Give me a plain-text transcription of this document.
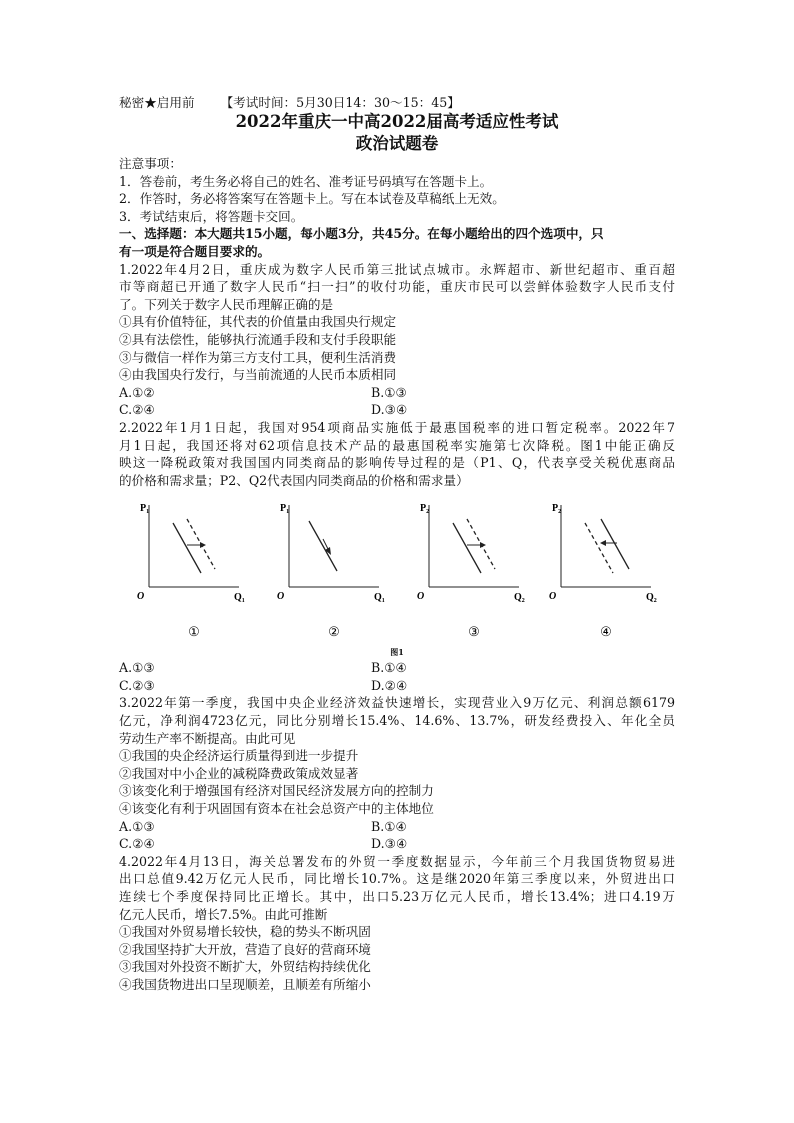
秘密★启用前 【考试时间：5月30日14：30～15：45】
2022年重庆一中高2022届高考适应性考试
政治试题卷
注意事项：
1．答卷前，考生务必将自己的姓名、准考证号码填写在答题卡上。
2．作答时，务必将答案写在答题卡上。写在本试卷及草稿纸上无效。
3．考试结束后，将答题卡交回。
一、选择题：本大题共15小题，每小题3分，共45分。在每小题给出的四个选项中，只
有一项是符合题目要求的。
1.2022年4月2日，重庆成为数字人民币第三批试点城市。永辉超市、新世纪超市、重百超
市等商超已开通了数字人民币“扫一扫”的收付功能，重庆市民可以尝鲜体验数字人民币支付
了。下列关于数字人民币理解正确的是
①具有价值特征，其代表的价值量由我国央行规定
②具有法偿性，能够执行流通手段和支付手段职能
③与微信一样作为第三方支付工具，便利生活消费
④由我国央行发行，与当前流通的人民币本质相同
A.①②	B.①③
C.②④	D.③④
2.2022年1月1日起，我国对954项商品实施低于最惠国税率的进口暂定税率。2022年7
月1日起，我国还将对62项信息技术产品的最惠国税率实施第七次降税。图1中能正确反
映这一降税政策对我国国内同类商品的影响传导过程的是（P1、Q，代表享受关税优惠商品
的价格和需求量；P2、Q2代表国内同类商品的价格和需求量）
$P_1$
$Q_1$
O
①
$P_1$
$Q_1$
O
②
$P_2$
$Q_2$
O
③
$P_2$
$Q_2$
O
④
图1
A.①③	B.①④
C.②③	D.②④
3.2022年第一季度，我国中央企业经济效益快速增长，实现营业入9万亿元、利润总额6179
亿元，净利润4723亿元，同比分别增长15.4%、14.6%、13.7%，研发经费投入、年化全员
劳动生产率不断提高。由此可见
①我国的央企经济运行质量得到进一步提升
②我国对中小企业的减税降费政策成效显著
③该变化利于增强国有经济对国民经济发展方向的控制力
④该变化有利于巩固国有资本在社会总资产中的主体地位
A.①③	B.①④
C.②④	D.③④
4.2022年4月13日，海关总署发布的外贸一季度数据显示，今年前三个月我国货物贸易进
出口总值9.42万亿元人民币，同比增长10.7%。这是继2020年第三季度以来，外贸进出口
连续七个季度保持同比正增长。其中，出口5.23万亿元人民币，增长13.4%；进口4.19万
亿元人民币，增长7.5%。由此可推断
①我国对外贸易增长较快，稳的势头不断巩固
②我国坚持扩大开放，营造了良好的营商环境
③我国对外投资不断扩大，外贸结构持续优化
④我国货物进出口呈现顺差，且顺差有所缩小
